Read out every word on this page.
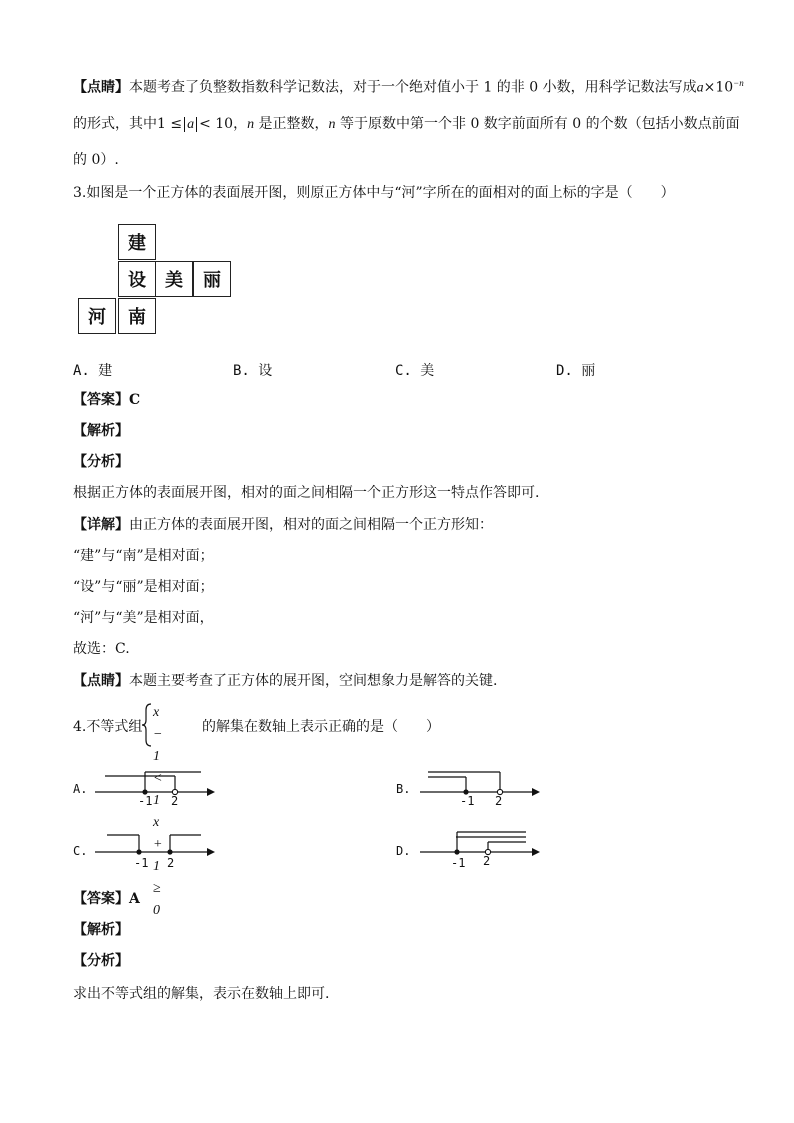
【点睛】本题考查了负整数指数科学记数法，对于一个绝对值小于 1 的非 0 小数，用科学记数法写成$a\times 10^{-n}$
的形式，其中1 ≤ a < 10，n 是正整数，n 等于原数中第一个非 0 数字前面所有 0 的个数（包括小数点前面
的 0）.
3.如图是一个正方体的表面展开图，则原正方体中与“河”字所在的面相对的面上标的字是（　　）
建
设	美	丽
河	南
A. 建	B. 设	C. 美	D. 丽
【答案】C
【解析】
【分析】
根据正方体的表面展开图，相对的面之间相隔一个正方形这一特点作答即可.
【详解】由正方体的表面展开图，相对的面之间相隔一个正方形知：
“建”与“南”是相对面；
“设”与“丽”是相对面；
“河”与“美”是相对面，
故选：C.
【点睛】本题主要考查了正方体的展开图，空间想象力是解答的关键.
4.不等式组
x − 1 < 1
x + 1 ≥ 0
的解集在数轴上表示正确的是（　　）
A.
-1 2
B.
-1 2
C.
-1 2
D.
-1 2
【答案】A
【解析】
【分析】
求出不等式组的解集，表示在数轴上即可.
